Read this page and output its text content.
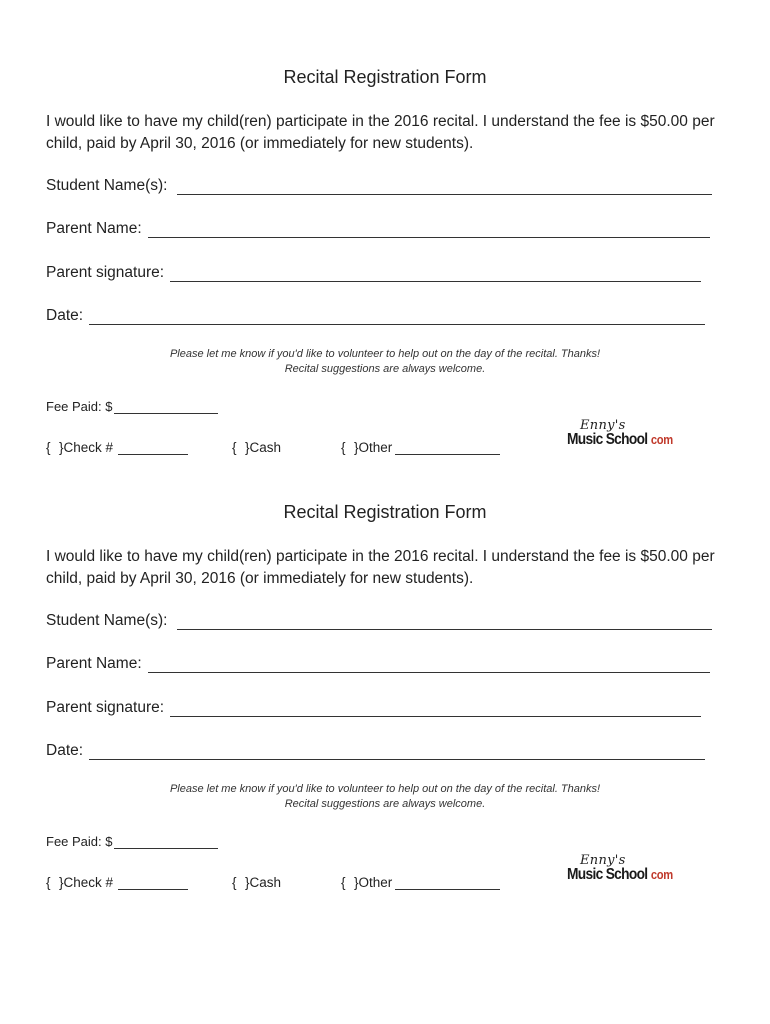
Recital Registration Form
I would like to have my child(ren) participate in the 2016 recital. I understand the fee is $50.00 per child, paid by April 30, 2016 (or immediately for new students).
Student Name(s):
Parent Name:
Parent signature:
Date:
Please let me know if you'd like to volunteer to help out on the day of the recital. Thanks!
Recital suggestions are always welcome.
Fee Paid: $
{ }Check #	{ }Cash	{ }Other
Enny's
Music School com
Recital Registration Form
I would like to have my child(ren) participate in the 2016 recital. I understand the fee is $50.00 per child, paid by April 30, 2016 (or immediately for new students).
Student Name(s):
Parent Name:
Parent signature:
Date:
Please let me know if you'd like to volunteer to help out on the day of the recital. Thanks!
Recital suggestions are always welcome.
Fee Paid: $
{ }Check #	{ }Cash	{ }Other
Enny's
Music School com
